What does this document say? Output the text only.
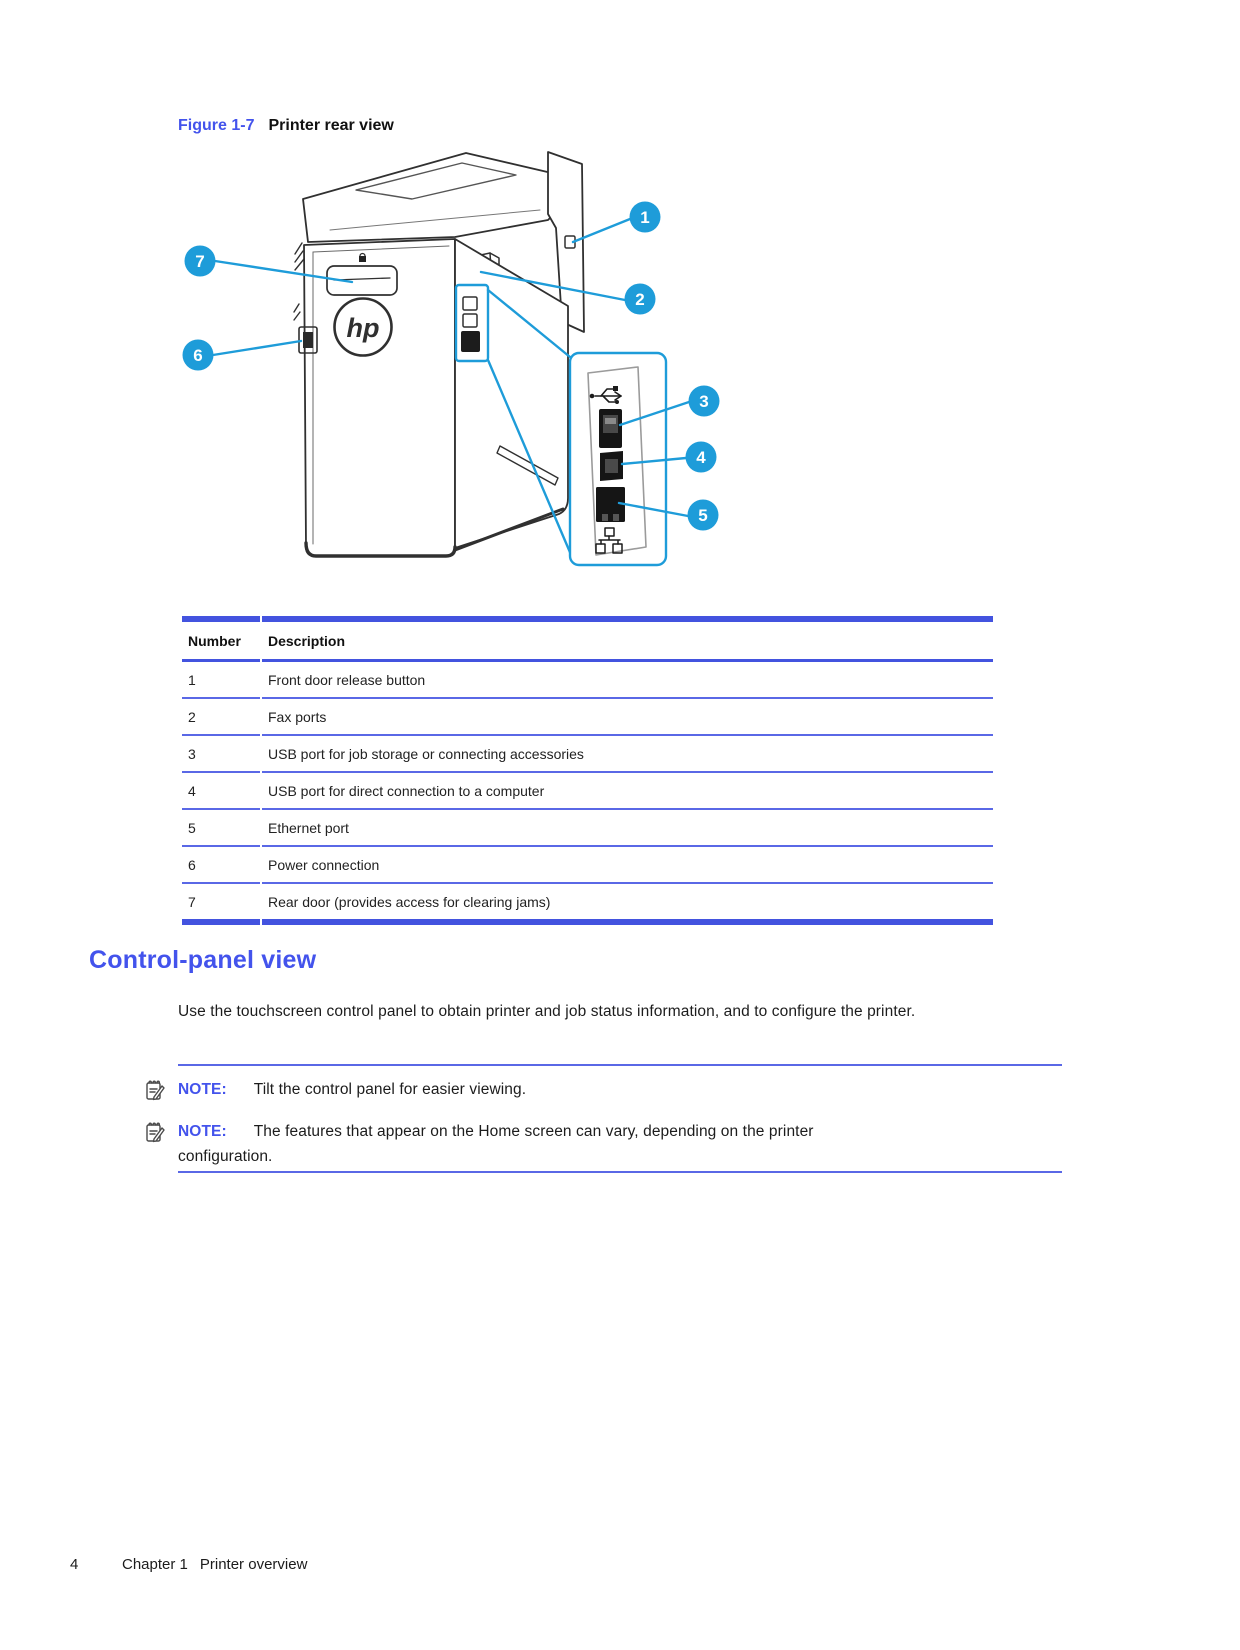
Figure 1-7 Printer rear view
hp
1
2
3
4
5
6
7
Number	Description
1	Front door release button
2	Fax ports
3	USB port for job storage or connecting accessories
4	USB port for direct connection to a computer
5	Ethernet port
6	Power connection
7	Rear door (provides access for clearing jams)
Control-panel view

Use the touchscreen control panel to obtain printer and job status information, and to configure the printer.

NOTE: Tilt the control panel for easier viewing.
NOTE: The features that appear on the Home screen can vary, depending on the printer configuration.
4	Chapter 1 Printer overview
